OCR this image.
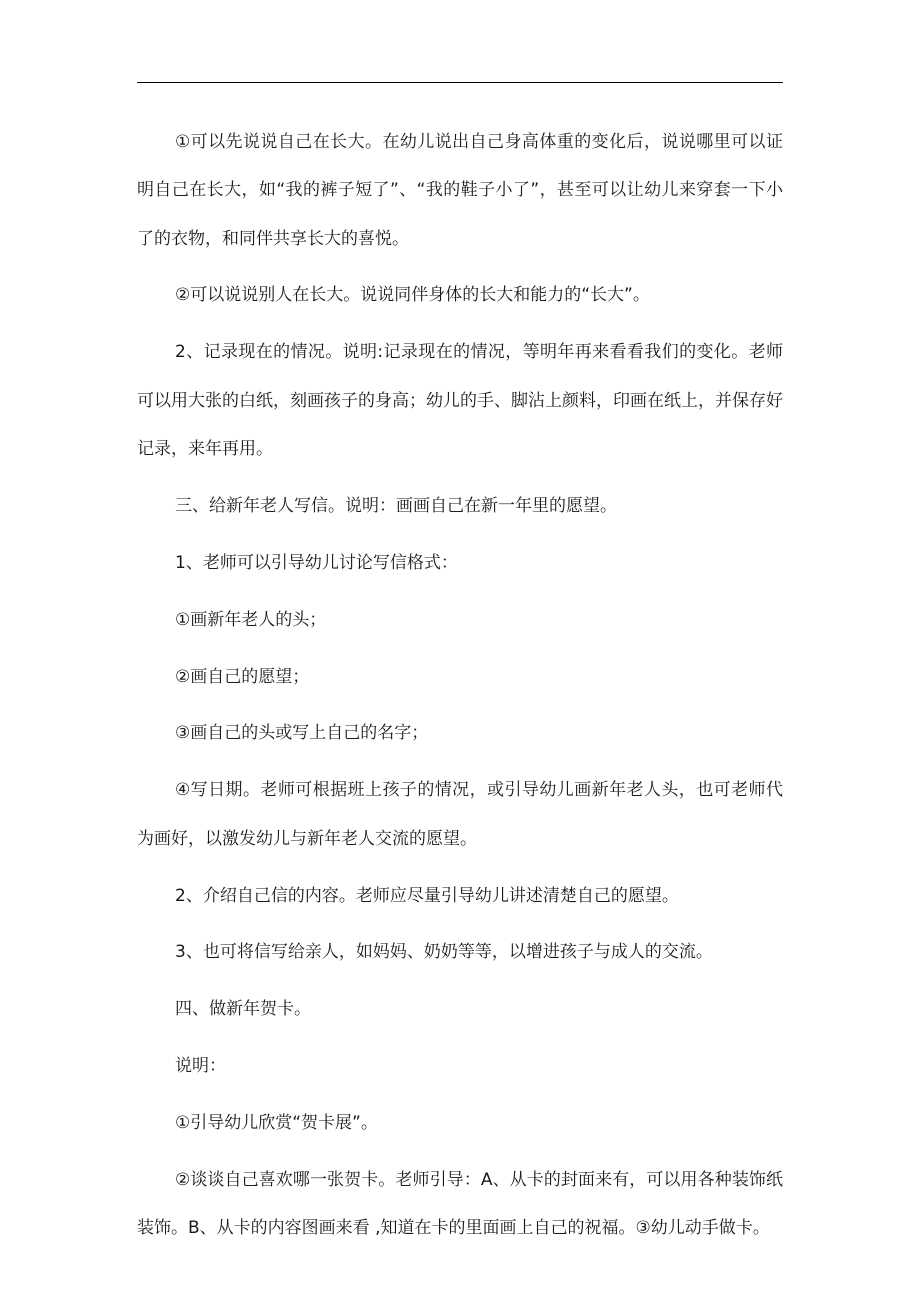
①可以先说说自己在长大。在幼儿说出自己身高体重的变化后，说说哪里可以证明自己在长大，如“我的裤子短了”、“我的鞋子小了”，甚至可以让幼儿来穿套一下小了的衣物，和同伴共享长大的喜悦。

②可以说说别人在长大。说说同伴身体的长大和能力的“长大”。

2、记录现在的情况。说明:记录现在的情况，等明年再来看看我们的变化。老师可以用大张的白纸，刻画孩子的身高；幼儿的手、脚沾上颜料，印画在纸上，并保存好记录，来年再用。

三、给新年老人写信。说明：画画自己在新一年里的愿望。

1、老师可以引导幼儿讨论写信格式：

①画新年老人的头；

②画自己的愿望；

③画自己的头或写上自己的名字；

④写日期。老师可根据班上孩子的情况，或引导幼儿画新年老人头，也可老师代为画好，以激发幼儿与新年老人交流的愿望。

2、介绍自己信的内容。老师应尽量引导幼儿讲述清楚自己的愿望。

3、也可将信写给亲人，如妈妈、奶奶等等，以增进孩子与成人的交流。

四、做新年贺卡。

说明：

①引导幼儿欣赏“贺卡展”。

②谈谈自己喜欢哪一张贺卡。老师引导：A、从卡的封面来有，可以用各种装饰纸装饰。B、从卡的内容图画来看 ,知道在卡的里面画上自己的祝福。③幼儿动手做卡。
